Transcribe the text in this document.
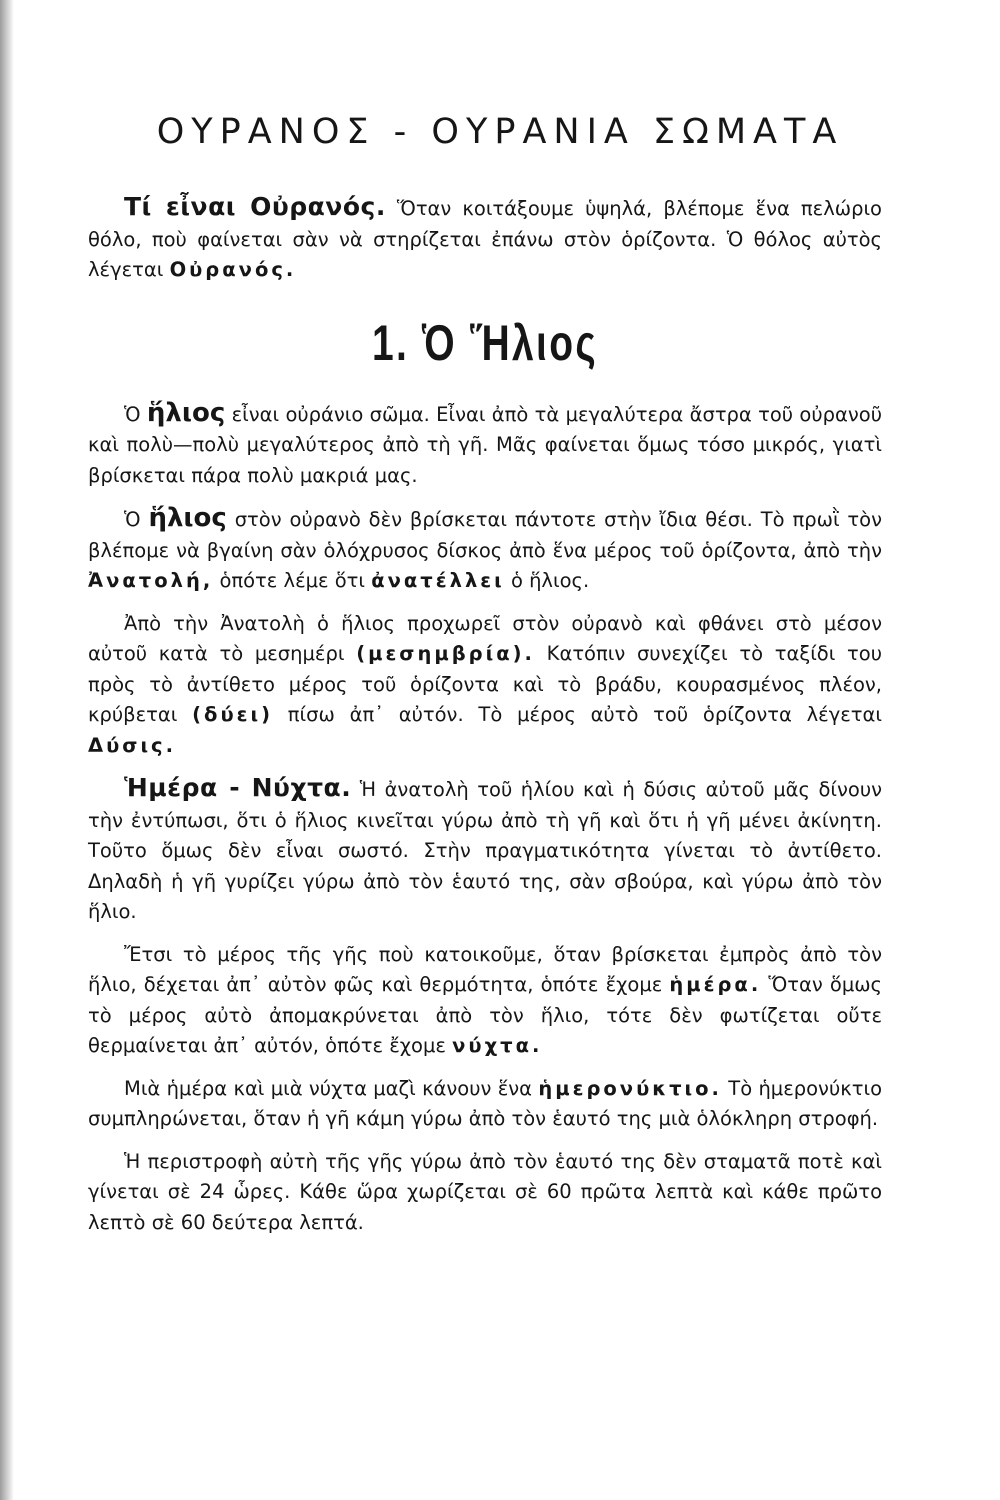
ΟΥΡΑΝΟΣ - ΟΥΡΑΝΙΑ ΣΩΜΑΤΑ

Τί εἶναι Οὐρανός. Ὅταν κοιτάξουμε ὑψηλά, βλέπομε ἕνα πελώριο θόλο, ποὺ φαίνεται σὰν νὰ στηρίζεται ἐπάνω στὸν ὁρίζοντα. Ὁ θόλος αὐτὸς λέγεται Οὐρανός.

1. Ὁ Ἥλιος

Ὁ ἥλιος εἶναι οὐράνιο σῶμα. Εἶναι ἀπὸ τὰ μεγαλύτερα ἄστρα τοῦ οὐρανοῦ καὶ πολὺ—πολὺ μεγαλύτερος ἀπὸ τὴ γῆ. Μᾶς φαίνεται ὅμως τόσο μικρός, γιατὶ βρίσκεται πάρα πολὺ μακριά μας.

Ὁ ἥλιος στὸν οὐρανὸ δὲν βρίσκεται πάντοτε στὴν ἴδια θέσι. Τὸ πρωῒ τὸν βλέπομε νὰ βγαίνη σὰν ὁλόχρυσος δίσκος ἀπὸ ἕνα μέρος τοῦ ὁρίζοντα, ἀπὸ τὴν Ἀνατολή, ὁπότε λέμε ὅτι ἀνατέλλει ὁ ἥλιος.

Ἀπὸ τὴν Ἀνατολὴ ὁ ἥλιος προχωρεῖ στὸν οὐρανὸ καὶ φθάνει στὸ μέσον αὐτοῦ κατὰ τὸ μεσημέρι (μεσημβρία). Κατόπιν συνεχίζει τὸ ταξίδι του πρὸς τὸ ἀντίθετο μέρος τοῦ ὁρίζοντα καὶ τὸ βράδυ, κουρασμένος πλέον, κρύβεται (δύει) πίσω ἀπ᾽ αὐτόν. Τὸ μέρος αὐτὸ τοῦ ὁρίζοντα λέγεται Δύσις.

Ἡμέρα - Νύχτα. Ἡ ἀνατολὴ τοῦ ἡλίου καὶ ἡ δύσις αὐτοῦ μᾶς δίνουν τὴν ἐντύπωσι, ὅτι ὁ ἥλιος κινεῖται γύρω ἀπὸ τὴ γῆ καὶ ὅτι ἡ γῆ μένει ἀκίνητη. Τοῦτο ὅμως δὲν εἶναι σωστό. Στὴν πραγματικότητα γίνεται τὸ ἀντίθετο. Δηλαδὴ ἡ γῆ γυρίζει γύρω ἀπὸ τὸν ἑαυτό της, σὰν σβούρα, καὶ γύρω ἀπὸ τὸν ἥλιο.

Ἔτσι τὸ μέρος τῆς γῆς ποὺ κατοικοῦμε, ὅταν βρίσκεται ἐμπρὸς ἀπὸ τὸν ἥλιο, δέχεται ἀπ᾽ αὐτὸν φῶς καὶ θερμότητα, ὁπότε ἔχομε ἡμέρα. Ὅταν ὅμως τὸ μέρος αὐτὸ ἀπομακρύνεται ἀπὸ τὸν ἥλιο, τότε δὲν φωτίζεται οὔτε θερμαίνεται ἀπ᾽ αὐτόν, ὁπότε ἔχομε νύχτα.

Μιὰ ἡμέρα καὶ μιὰ νύχτα μαζὶ κάνουν ἕνα ἡμερονύκτιο. Τὸ ἡμερονύκτιο συμπληρώνεται, ὅταν ἡ γῆ κάμη γύρω ἀπὸ τὸν ἑαυτό της μιὰ ὁλόκληρη στροφή.

Ἡ περιστροφὴ αὐτὴ τῆς γῆς γύρω ἀπὸ τὸν ἑαυτό της δὲν σταματᾶ ποτὲ καὶ γίνεται σὲ 24 ὧρες. Κάθε ὥρα χωρίζεται σὲ 60 πρῶτα λεπτὰ καὶ κάθε πρῶτο λεπτὸ σὲ 60 δεύτερα λεπτά.
